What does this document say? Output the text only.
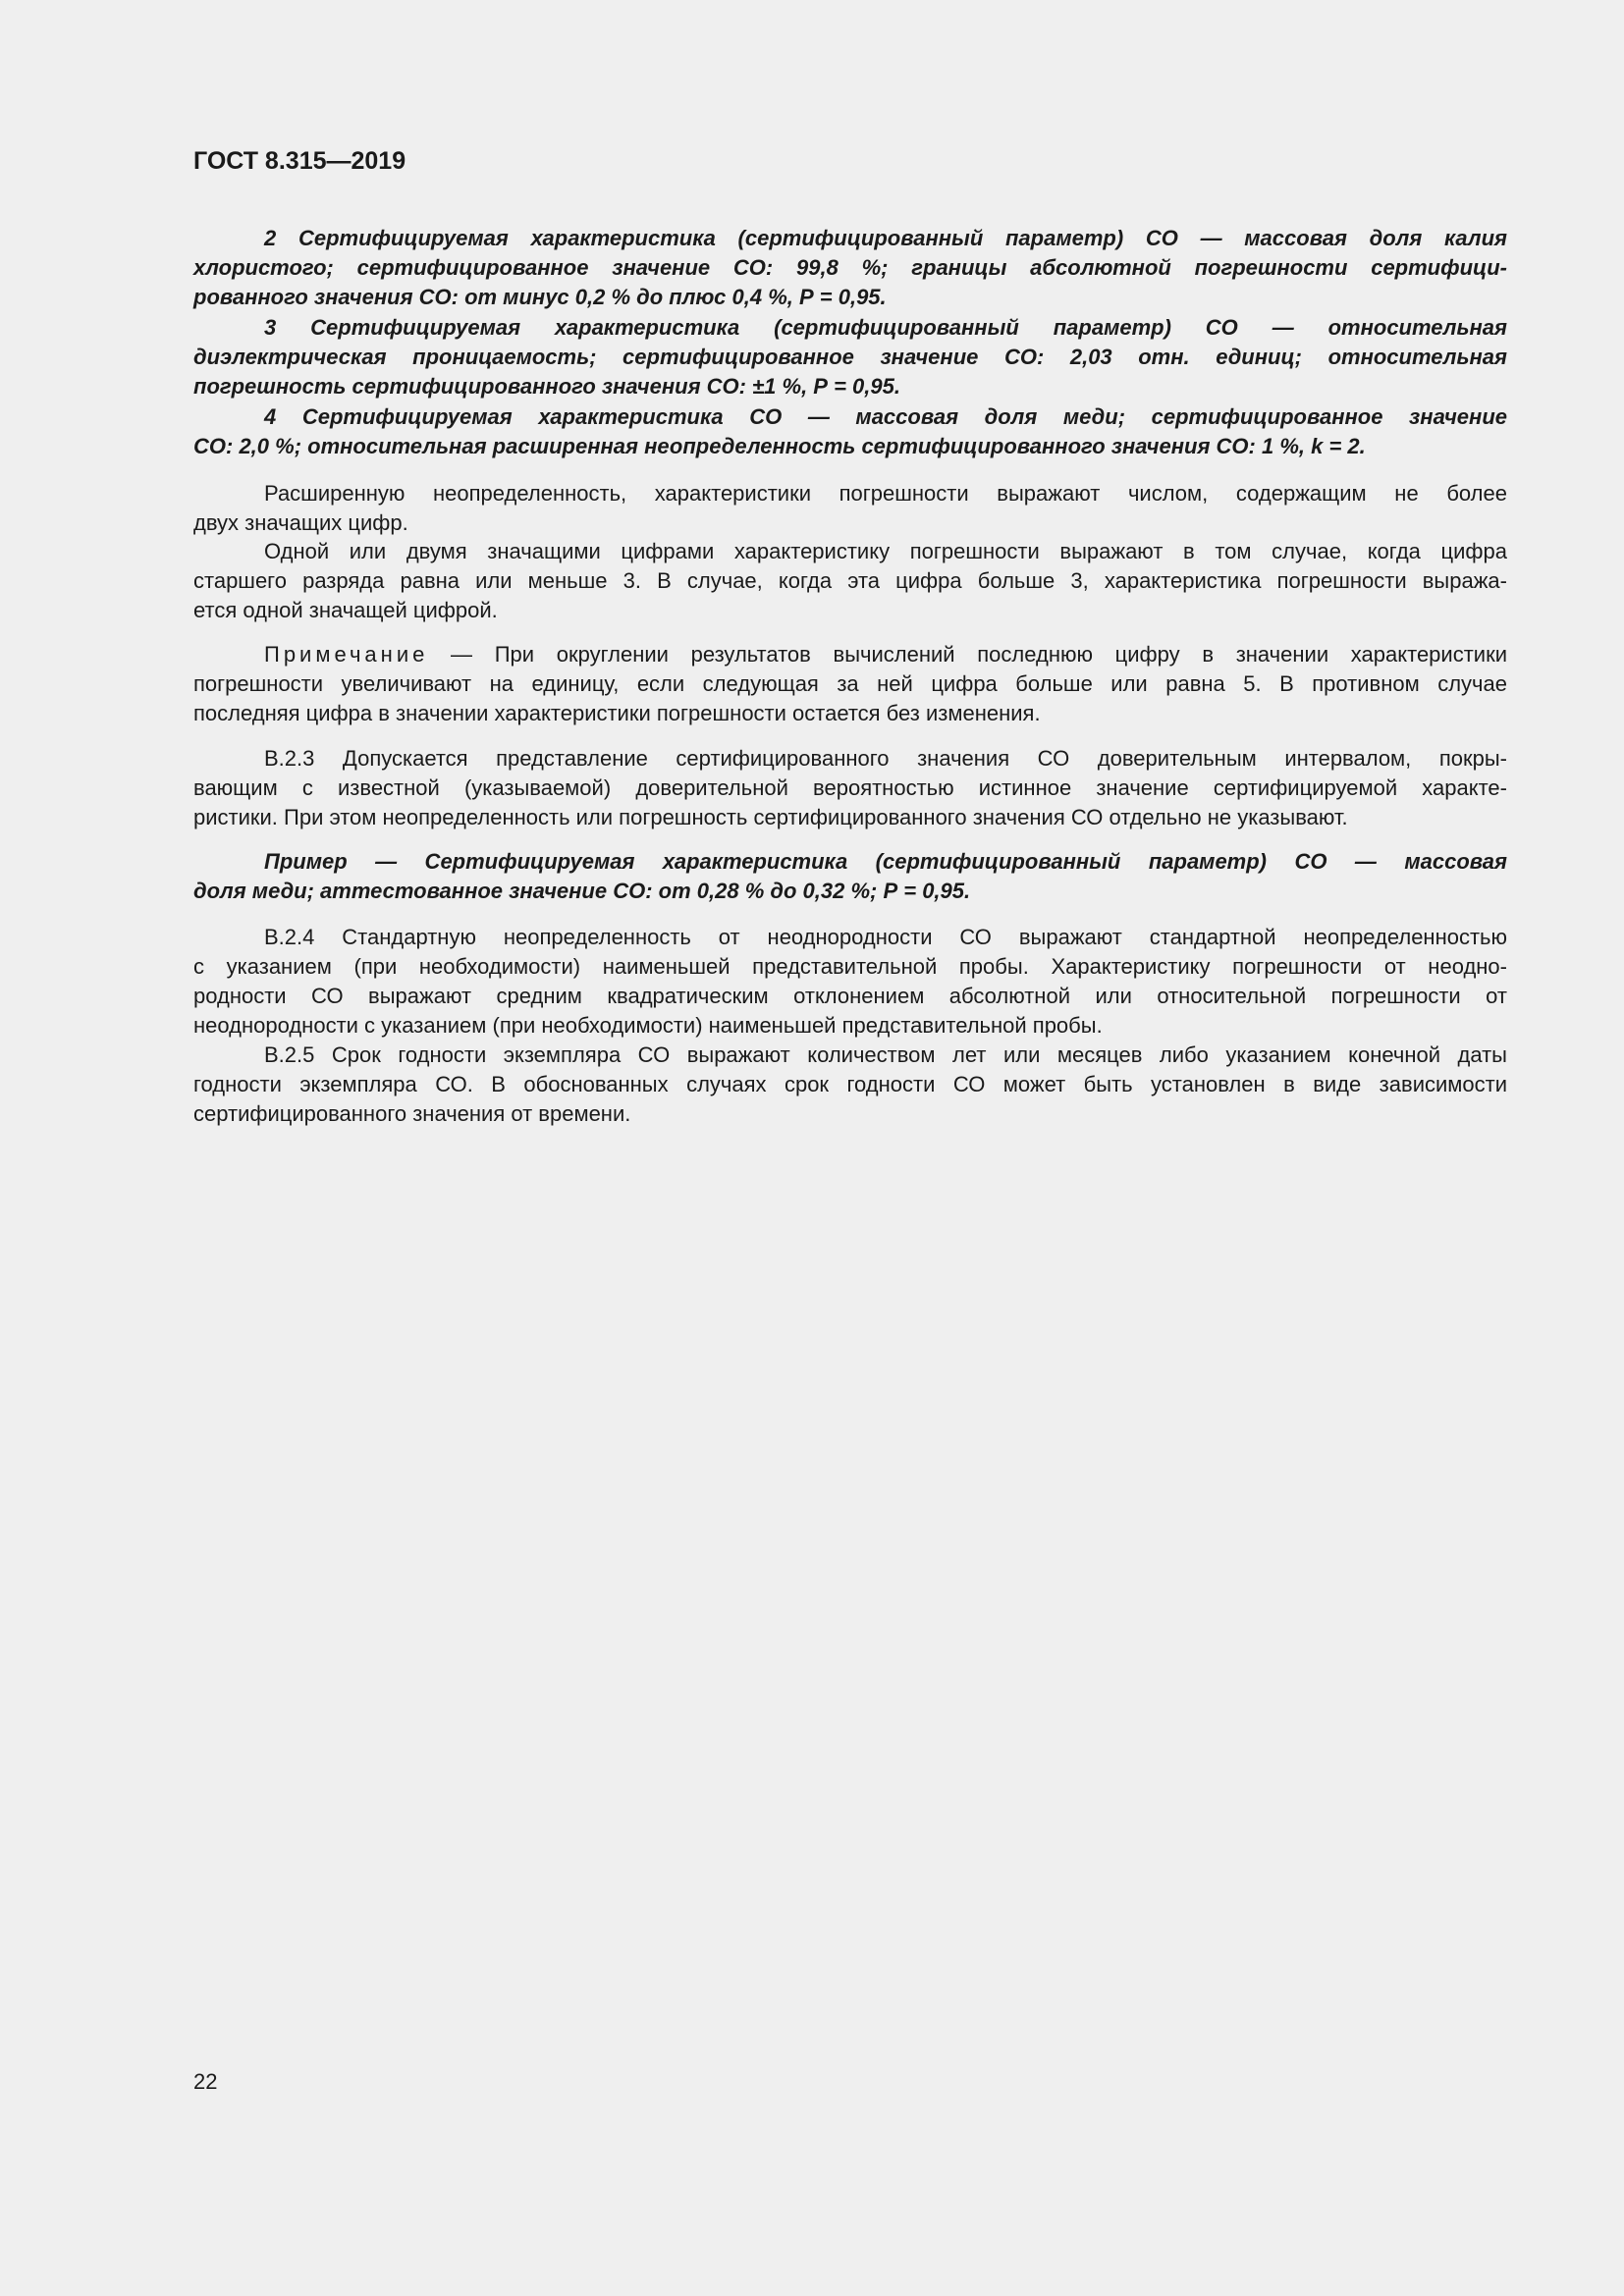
ГОСТ 8.315—2019
2 Сертифицируемая характеристика (сертифицированный параметр) СО — массовая доля калия
хлористого; сертифицированное значение СО: 99,8 %; границы абсолютной погрешности сертифици-
рованного значения СО: от минус 0,2 % до плюс 0,4 %, Р = 0,95.
3 Сертифицируемая характеристика (сертифицированный параметр) СО — относительная
диэлектрическая проницаемость; сертифицированное значение СО: 2,03 отн. единиц; относительная
погрешность сертифицированного значения СО: ±1 %, Р = 0,95.
4 Сертифицируемая характеристика СО — массовая доля меди; сертифицированное значение
СО: 2,0 %; относительная расширенная неопределенность сертифицированного значения СО: 1 %, k = 2.
Расширенную неопределенность, характеристики погрешности выражают числом, содержащим не более
двух значащих цифр.
Одной или двумя значащими цифрами характеристику погрешности выражают в том случае, когда цифра
старшего разряда равна или меньше 3. В случае, когда эта цифра больше 3, характеристика погрешности выража-
ется одной значащей цифрой.
Примечание — При округлении результатов вычислений последнюю цифру в значении характеристики
погрешности увеличивают на единицу, если следующая за ней цифра больше или равна 5. В противном случае
последняя цифра в значении характеристики погрешности остается без изменения.
В.2.3 Допускается представление сертифицированного значения СО доверительным интервалом, покры-
вающим с известной (указываемой) доверительной вероятностью истинное значение сертифицируемой характе-
ристики. При этом неопределенность или погрешность сертифицированного значения СО отдельно не указывают.
Пример — Сертифицируемая характеристика (сертифицированный параметр) СО — массовая
доля меди; аттестованное значение СО: от 0,28 % до 0,32 %; Р = 0,95.
В.2.4 Стандартную неопределенность от неоднородности СО выражают стандартной неопределенностью
с указанием (при необходимости) наименьшей представительной пробы. Характеристику погрешности от неодно-
родности СО выражают средним квадратическим отклонением абсолютной или относительной погрешности от
неоднородности с указанием (при необходимости) наименьшей представительной пробы.
В.2.5 Срок годности экземпляра СО выражают количеством лет или месяцев либо указанием конечной даты
годности экземпляра СО. В обоснованных случаях срок годности СО может быть установлен в виде зависимости
сертифицированного значения от времени.
22
